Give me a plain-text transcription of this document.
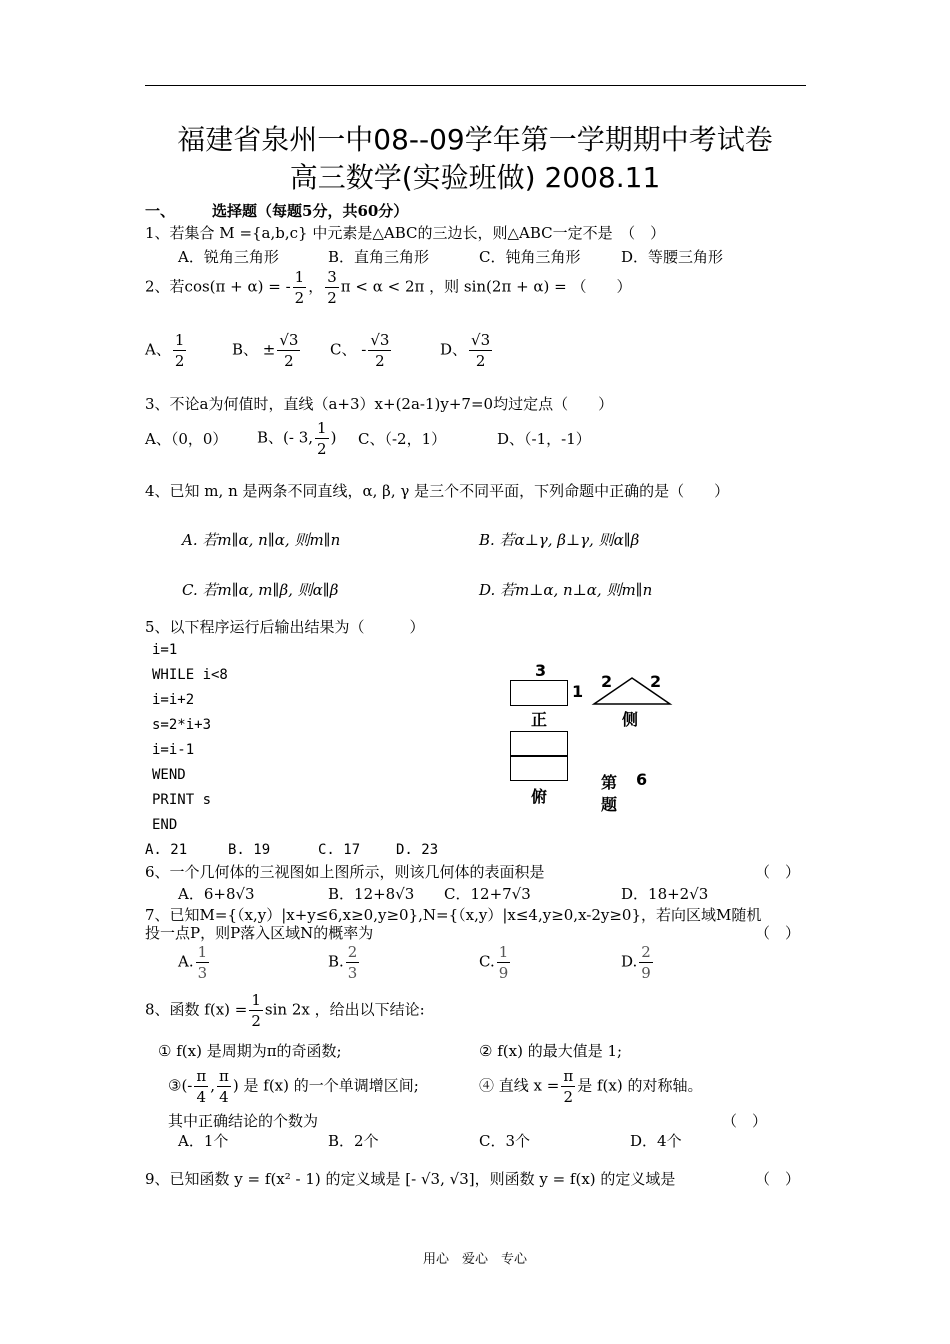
福建省泉州一中08--09学年第一学期期中考试卷
高三数学(实验班做) 2008.11
一、 选择题（每题5分，共60分）
1、若集合 M ={a,b,c} 中元素是△ABC的三边长，则△ABC一定不是　（　）
A．锐角三角形	B．直角三角形	C．钝角三角形	D．等腰三角形
2、若cos(π + α) = - $\frac{1}{2}$ ， $\frac{3}{2}$ π < α < 2π ，则 sin(2π + α) = （　　）
A、 $\frac{1}{2}$	B、 ± $\frac{√3}{2}$ C、 - $\frac{√3}{2}$	D、 $\frac{√3}{2}$
3、不论a为何值时，直线（a+3）x+(2a-1)y+7=0均过定点（　　）
A、（0，0） B、(- 3, $\frac{1}{2}$ ) C、（-2，1）	D、（-1，-1）
4、已知 m, n 是两条不同直线，α, β, γ 是三个不同平面，下列命题中正确的是（　　）
A. 若m∥α, n∥α, 则m∥n	B. 若α⊥γ, β⊥γ, 则α∥β
C. 若m∥α, m∥β, 则α∥β	D. 若m⊥α, n⊥α, 则m∥n
5、以下程序运行后输出结果为（　　　）
i=1
WHILE i<8
i=i+2
s=2*i+3
i=i-1
WEND
PRINT s
END
A. 21	B. 19	C. 17	D. 23
3
1
正
2 2
侧
俯
第 6
题
6、一个几何体的三视图如上图所示，则该几何体的表面积是	（　）
A．6+8√3	B．12+8√3 C．12+7√3	D．18+2√3
7、已知M={（x,y）|x+y≤6,x≥0,y≥0},N={（x,y）|x≤4,y≥0,x-2y≥0}，若向区域M随机
投一点P，则P落入区域N的概率为	（　）
A. $\frac{1}{3}$	B. $\frac{2}{3}$	C. $\frac{1}{9}$	D. $\frac{2}{9}$
8、函数 $f(x) = \frac{1}{2}$ sin 2x ，给出以下结论:
① f(x) 是周期为π的奇函数;	② f(x) 的最大值是 1;
③(- $\frac{\pi}{4}$ , $\frac{\pi}{4}$ ) 是 f(x) 的一个单调增区间;	④ 直线 $x = \frac{\pi}{2}$ 是 f(x) 的对称轴。
其中正确结论的个数为	（　）
A．1个	B．2个	C．3个	D．4个
9、已知函数 y = f(x² - 1) 的定义域是 [- √3, √3]，则函数 y = f(x) 的定义域是	（　）
用心　爱心　专心
